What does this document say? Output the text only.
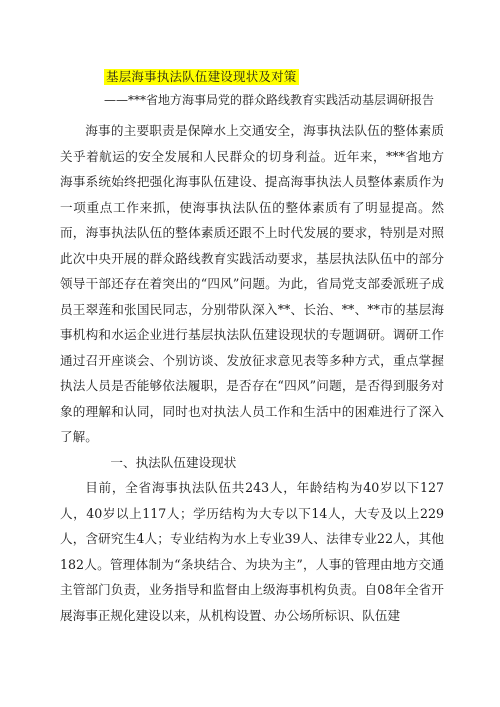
基层海事执法队伍建设现状及对策
——***省地方海事局党的群众路线教育实践活动基层调研报告

海事的主要职责是保障水上交通安全，海事执法队伍的整体素质关乎着航运的安全发展和人民群众的切身利益。近年来，***省地方海事系统始终把强化海事队伍建设、提高海事执法人员整体素质作为一项重点工作来抓，使海事执法队伍的整体素质有了明显提高。然而，海事执法队伍的整体素质还跟不上时代发展的要求，特别是对照此次中央开展的群众路线教育实践活动要求，基层执法队伍中的部分领导干部还存在着突出的“四风”问题。为此，省局党支部委派班子成员王翠莲和张国民同志，分别带队深入**、长治、**、**市的基层海事机构和水运企业进行基层执法队伍建设现状的专题调研。调研工作通过召开座谈会、个别访谈、发放征求意见表等多种方式，重点掌握执法人员是否能够依法履职，是否存在“四风”问题，是否得到服务对象的理解和认同，同时也对执法人员工作和生活中的困难进行了深入了解。

一、执法队伍建设现状

目前，全省海事执法队伍共243人，年龄结构为40岁以下127人，40岁以上117人；学历结构为大专以下14人，大专及以上229人，含研究生4人；专业结构为水上专业39人、法律专业22人，其他182人。管理体制为“条块结合、为块为主”，人事的管理由地方交通主管部门负责，业务指导和监督由上级海事机构负责。自08年全省开展海事正规化建设以来，从机构设置、办公场所标识、队伍建
